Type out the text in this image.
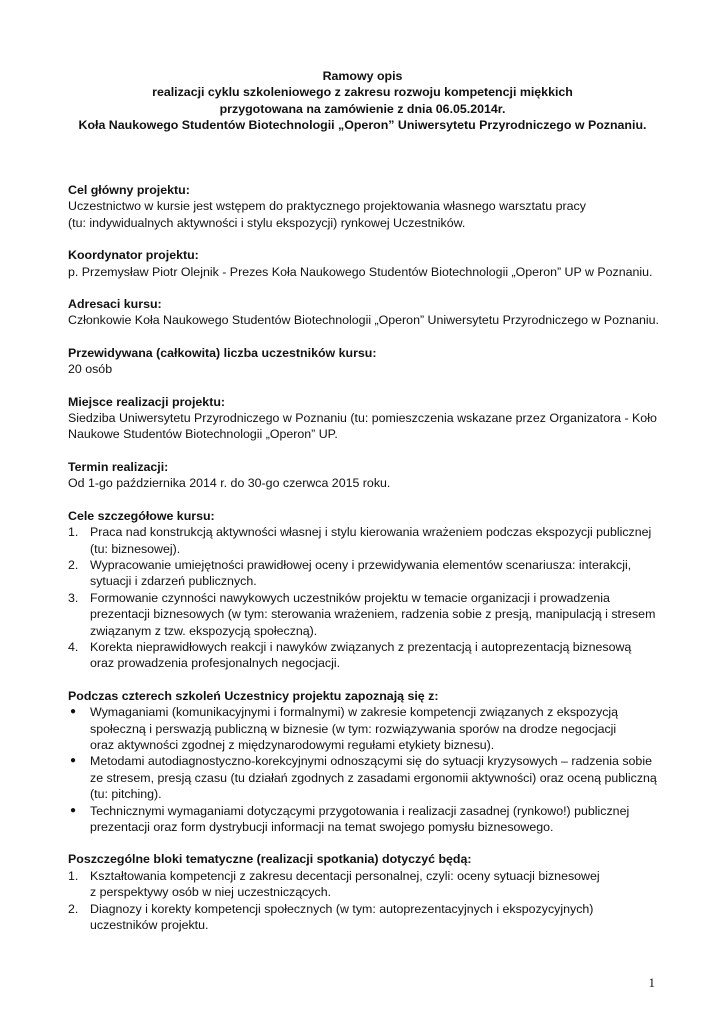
Ramowy opis
realizacji cyklu szkoleniowego z zakresu rozwoju kompetencji miękkich
przygotowana na zamówienie z dnia 06.05.2014r.
Koła Naukowego Studentów Biotechnologii „Operon” Uniwersytetu Przyrodniczego w Poznaniu.
Cel główny projektu:
Uczestnictwo w kursie jest wstępem do praktycznego projektowania własnego warsztatu pracy
(tu: indywidualnych aktywności i stylu ekspozycji) rynkowej Uczestników.
Koordynator projektu:
p. Przemysław Piotr Olejnik - Prezes Koła Naukowego Studentów Biotechnologii „Operon” UP w Poznaniu.
Adresaci kursu:
Członkowie Koła Naukowego Studentów Biotechnologii „Operon” Uniwersytetu Przyrodniczego w Poznaniu.
Przewidywana (całkowita) liczba uczestników kursu:
20 osób
Miejsce realizacji projektu:
Siedziba Uniwersytetu Przyrodniczego w Poznaniu (tu: pomieszczenia wskazane przez Organizatora - Koło
Naukowe Studentów Biotechnologii „Operon” UP.
Termin realizacji:
Od 1-go października 2014 r. do 30-go czerwca 2015 roku.
Cele szczegółowe kursu:
1. Praca nad konstrukcją aktywności własnej i stylu kierowania wrażeniem podczas ekspozycji publicznej
(tu: biznesowej).
2. Wypracowanie umiejętności prawidłowej oceny i przewidywania elementów scenariusza: interakcji,
sytuacji i zdarzeń publicznych.
3. Formowanie czynności nawykowych uczestników projektu w temacie organizacji i prowadzenia
prezentacji biznesowych (w tym: sterowania wrażeniem, radzenia sobie z presją, manipulacją i stresem
związanym z tzw. ekspozycją społeczną).
4. Korekta nieprawidłowych reakcji i nawyków związanych z prezentacją i autoprezentacją biznesową
oraz prowadzenia profesjonalnych negocjacji.
Podczas czterech szkoleń Uczestnicy projektu zapoznają się z:
● Wymaganiami (komunikacyjnymi i formalnymi) w zakresie kompetencji związanych z ekspozycją
społeczną i perswazją publiczną w biznesie (w tym: rozwiązywania sporów na drodze negocjacji
oraz aktywności zgodnej z międzynarodowymi regułami etykiety biznesu).
● Metodami autodiagnostyczno-korekcyjnymi odnoszącymi się do sytuacji kryzysowych – radzenia sobie
ze stresem, presją czasu (tu działań zgodnych z zasadami ergonomii aktywności) oraz oceną publiczną
(tu: pitching).
● Technicznymi wymaganiami dotyczącymi przygotowania i realizacji zasadnej (rynkowo!) publicznej
prezentacji oraz form dystrybucji informacji na temat swojego pomysłu biznesowego.
Poszczególne bloki tematyczne (realizacji spotkania) dotyczyć będą:
1. Kształtowania kompetencji z zakresu decentacji personalnej, czyli: oceny sytuacji biznesowej
z perspektywy osób w niej uczestniczących.
2. Diagnozy i korekty kompetencji społecznych (w tym: autoprezentacyjnych i ekspozycyjnych)
uczestników projektu.
1
